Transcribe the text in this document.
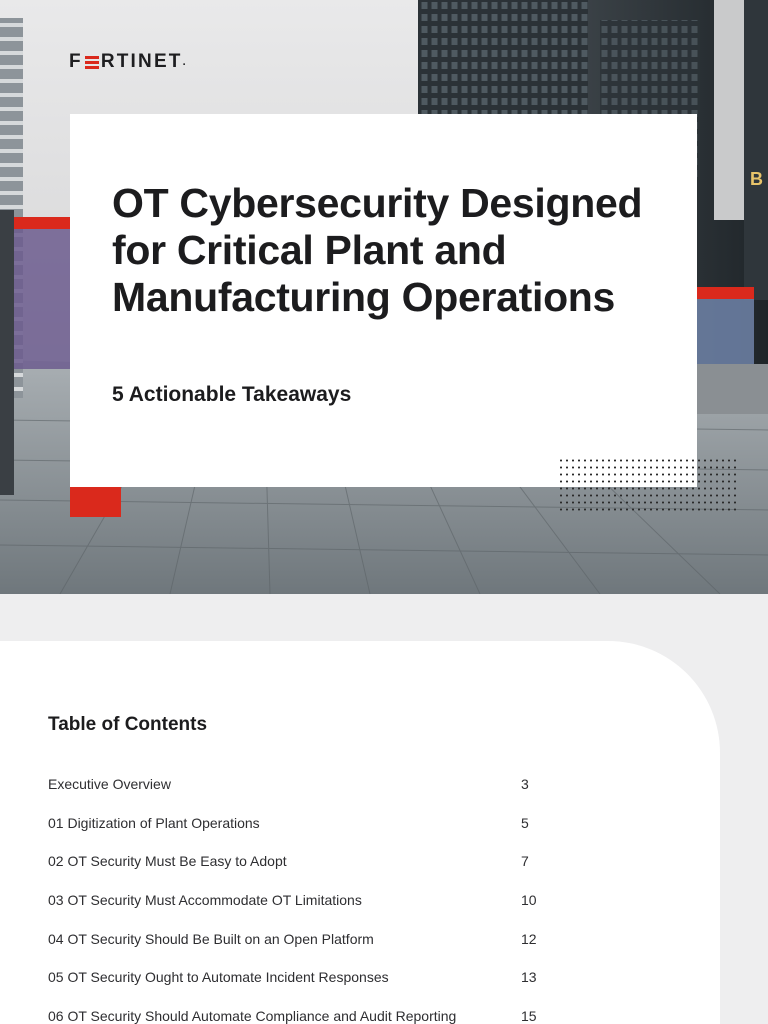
B
F RTINET .
OT Cybersecurity Designed for Critical Plant and Manufacturing Operations
5 Actionable Takeaways
Table of Contents
Executive Overview	3
01 Digitization of Plant Operations	5
02 OT Security Must Be Easy to Adopt	7
03 OT Security Must Accommodate OT Limitations	10
04 OT Security Should Be Built on an Open Platform	12
05 OT Security Ought to Automate Incident Responses	13
06 OT Security Should Automate Compliance and Audit Reporting	15
